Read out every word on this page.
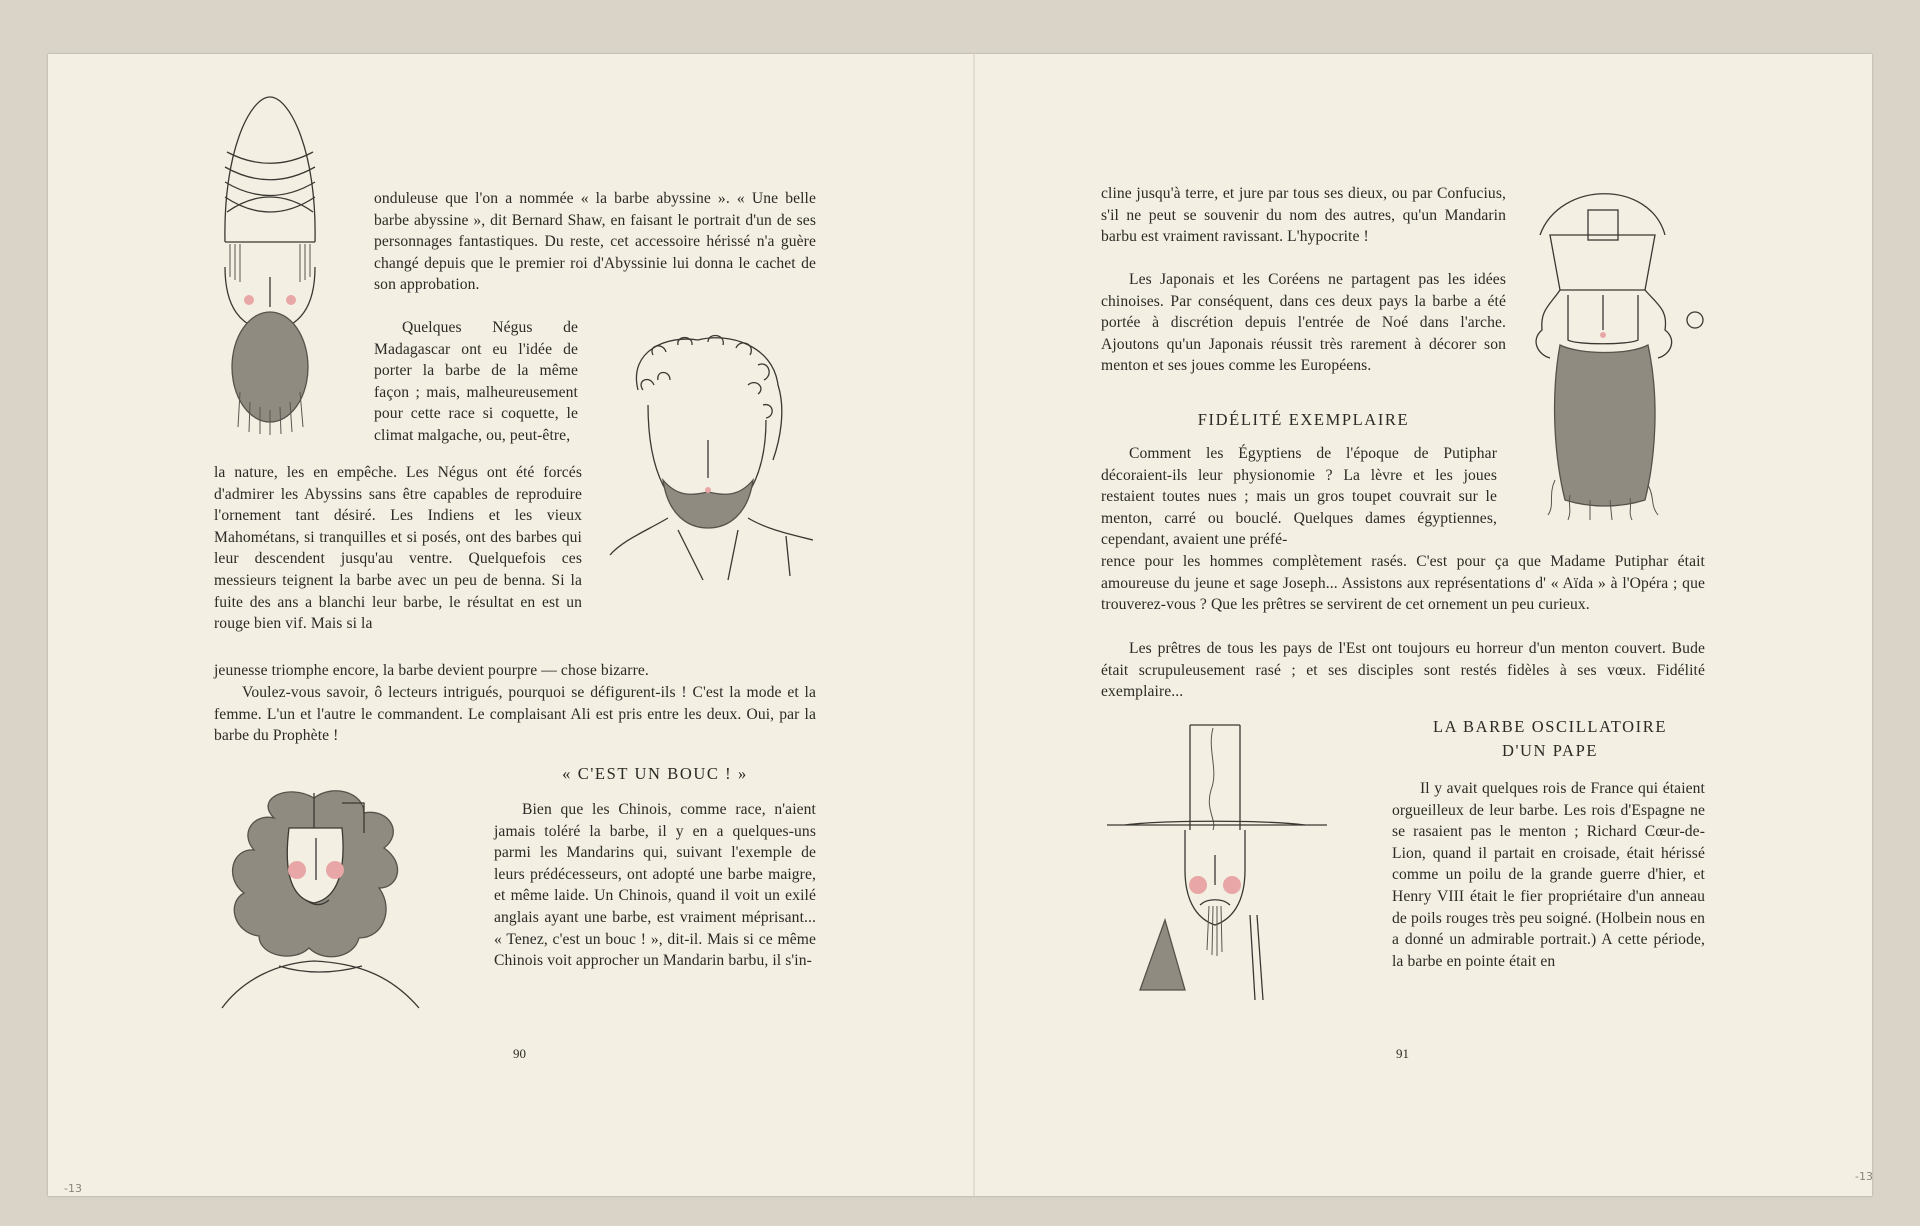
onduleuse que l'on a nommée « la barbe abyssine ». « Une belle barbe abyssine », dit Bernard Shaw, en faisant le portrait d'un de ses personnages fantastiques. Du reste, cet accessoire hérissé n'a guère changé depuis que le premier roi d'Abyssinie lui donna le cachet de son approbation.

Quelques Négus de Madagascar ont eu l'idée de porter la barbe de la même façon ; mais, malheureusement pour cette race si coquette, le climat malgache, ou, peut-être,

la nature, les en empêche. Les Négus ont été forcés d'admirer les Abyssins sans être capables de reproduire l'ornement tant désiré. Les Indiens et les vieux Mahométans, si tranquilles et si posés, ont des barbes qui leur descendent jusqu'au ventre. Quelquefois ces messieurs teignent la barbe avec un peu de benna. Si la fuite des ans a blanchi leur barbe, le résultat en est un rouge bien vif. Mais si la

jeunesse triomphe encore, la barbe devient pourpre — chose bizarre.

Voulez-vous savoir, ô lecteurs intrigués, pourquoi se défigurent-ils ! C'est la mode et la femme. L'un et l'autre le commandent. Le complaisant Ali est pris entre les deux. Oui, par la barbe du Prophète !

« C'EST UN BOUC ! »

Bien que les Chinois, comme race, n'aient jamais toléré la barbe, il y en a quelques-uns parmi les Mandarins qui, suivant l'exemple de leurs prédécesseurs, ont adopté une barbe maigre, et même laide. Un Chinois, quand il voit un exilé anglais ayant une barbe, est vraiment méprisant... « Tenez, c'est un bouc ! », dit-il. Mais si ce même Chinois voit approcher un Mandarin barbu, il s'in-

90
-13

cline jusqu'à terre, et jure par tous ses dieux, ou par Confucius, s'il ne peut se souvenir du nom des autres, qu'un Mandarin barbu est vraiment ravissant. L'hypocrite !

Les Japonais et les Coréens ne partagent pas les idées chinoises. Par conséquent, dans ces deux pays la barbe a été portée à discrétion depuis l'entrée de Noé dans l'arche. Ajoutons qu'un Japonais réussit très rarement à décorer son menton et ses joues comme les Européens.

FIDÉLITÉ EXEMPLAIRE

Comment les Égyptiens de l'époque de Putiphar décoraient-ils leur physionomie ? La lèvre et les joues restaient toutes nues ; mais un gros toupet couvrait sur le menton, carré ou bouclé. Quelques dames égyptiennes, cependant, avaient une préfé-

rence pour les hommes complètement rasés. C'est pour ça que Madame Putiphar était amoureuse du jeune et sage Joseph... Assistons aux représentations d' « Aïda » à l'Opéra ; que trouverez-vous ? Que les prêtres se servirent de cet ornement un peu curieux.

Les prêtres de tous les pays de l'Est ont toujours eu horreur d'un menton couvert. Bude était scrupuleusement rasé ; et ses disciples sont restés fidèles à ses vœux. Fidélité exemplaire...

LA BARBE OSCILLATOIRE
D'UN PAPE

Il y avait quelques rois de France qui étaient orgueilleux de leur barbe. Les rois d'Espagne ne se rasaient pas le menton ; Richard Cœur-de-Lion, quand il partait en croisade, était hérissé comme un poilu de la grande guerre d'hier, et Henry VIII était le fier propriétaire d'un anneau de poils rouges très peu soigné. (Holbein nous en a donné un admirable portrait.) A cette période, la barbe en pointe était en

91
-13
